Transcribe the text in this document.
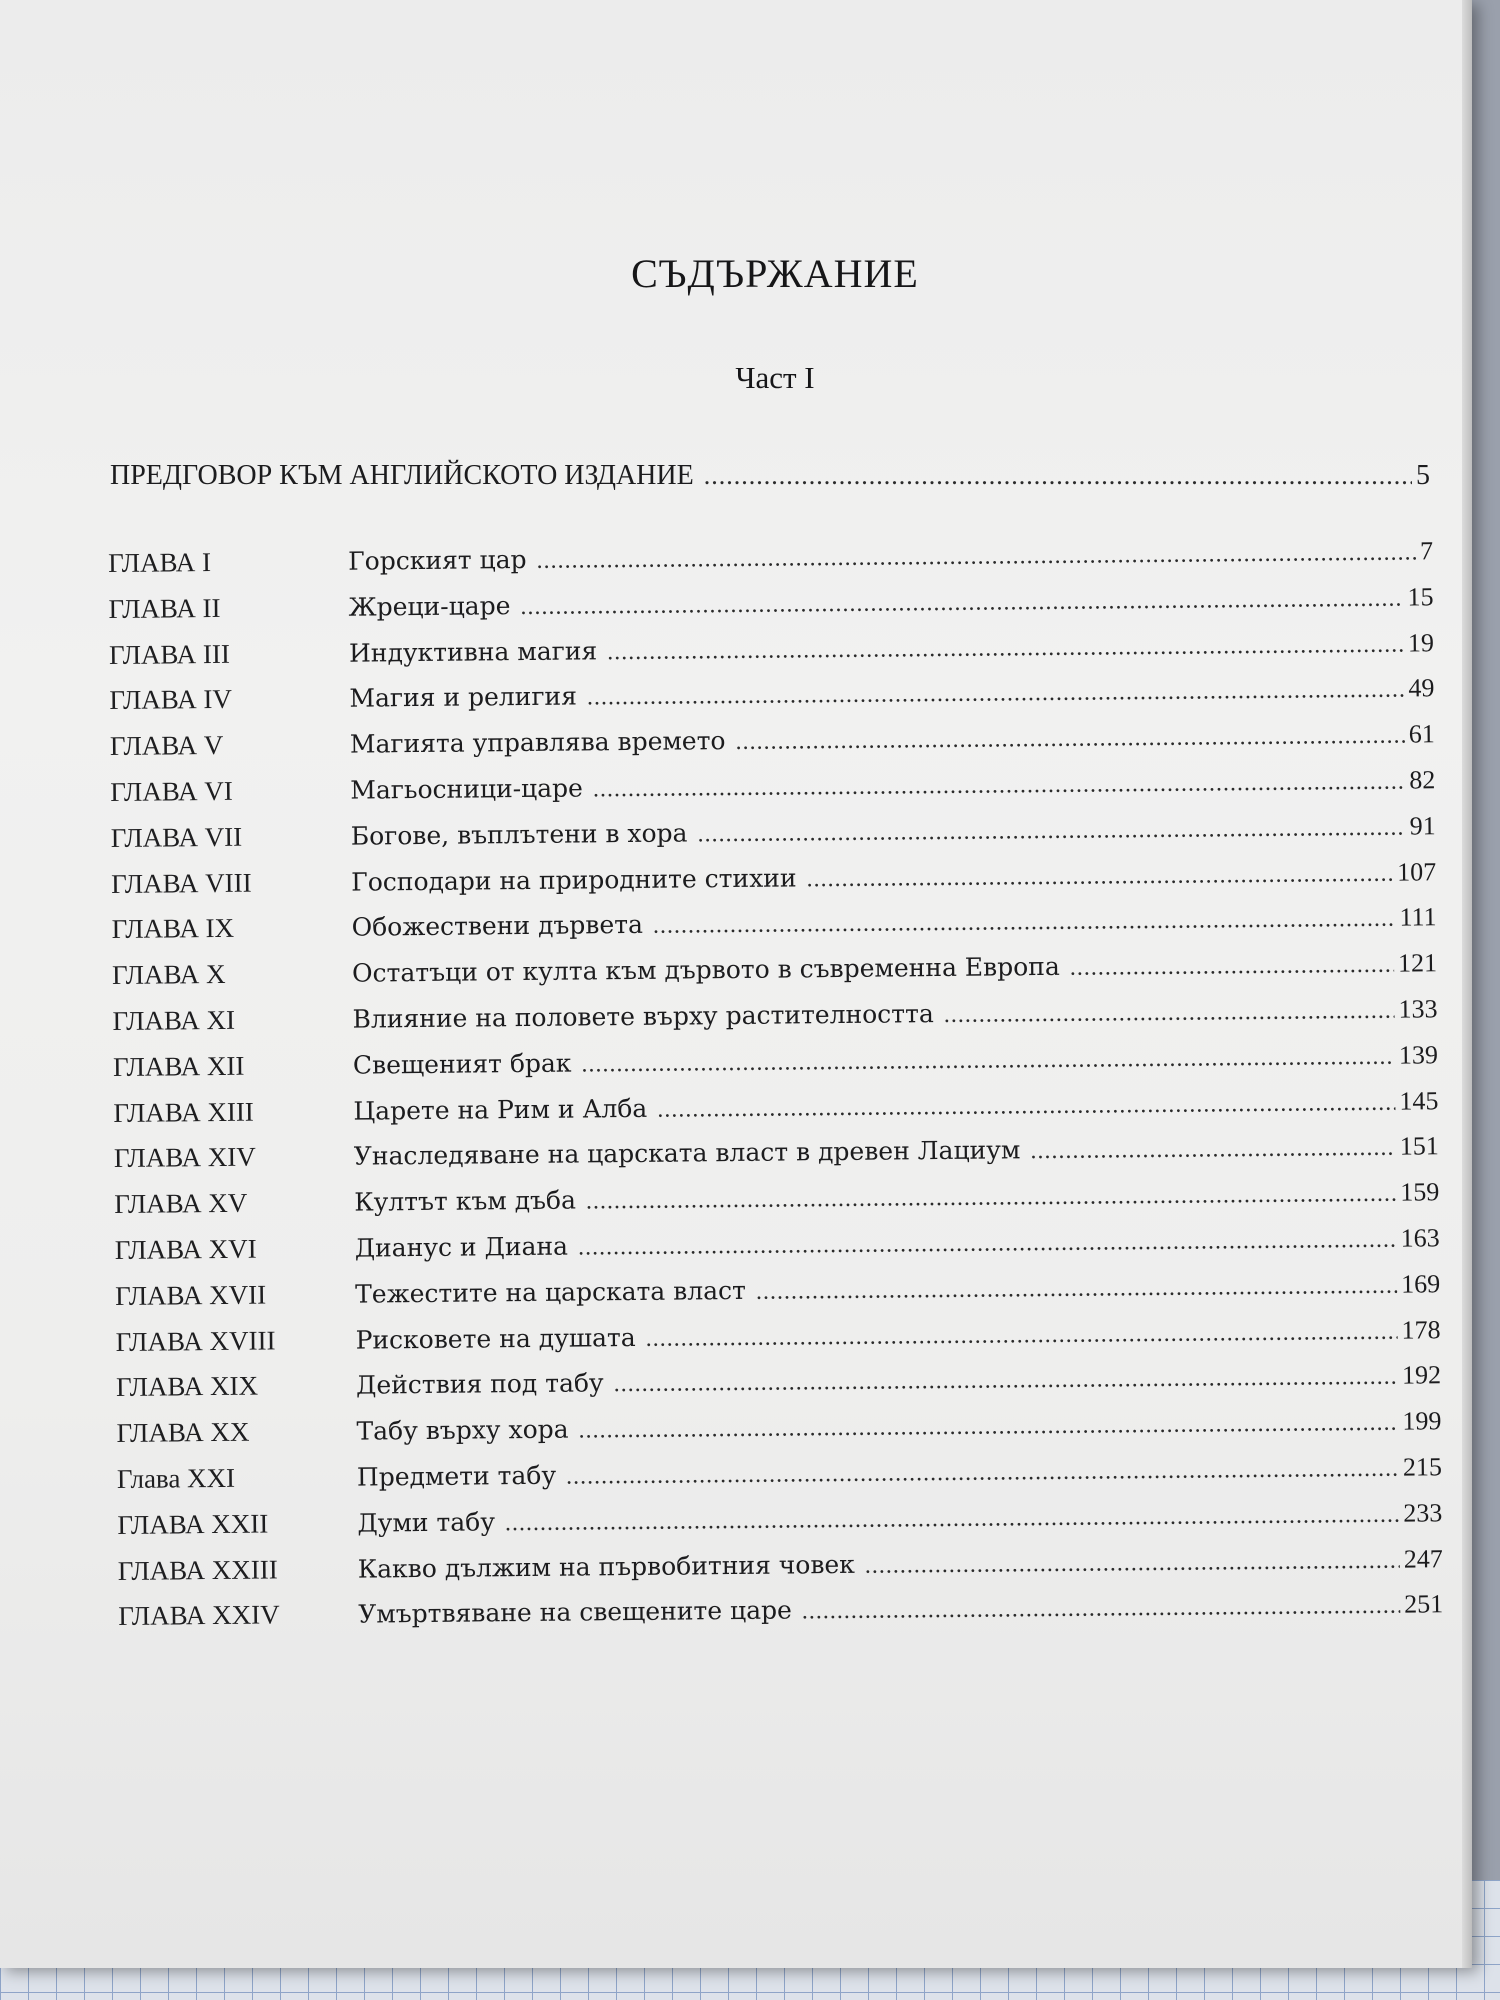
СЪДЪРЖАНИЕ
Част I
ПРЕДГОВОР КЪМ АНГЛИЙСКОТО ИЗДАНИЕ .....	5
ГЛАВА I	Горският цар .....	7
ГЛАВА II	Жреци-царе .....	15
ГЛАВА III	Индуктивна магия .....	19
ГЛАВА IV	Магия и религия .....	49
ГЛАВА V	Магията управлява времето .....	61
ГЛАВА VI	Магьосници-царе .....	82
ГЛАВА VII	Богове, въплътени в хора .....	91
ГЛАВА VIII	Господари на природните стихии .....	107
ГЛАВА IX	Обожествени дървета .....	111
ГЛАВА X	Остатъци от култа към дървото в съвременна Европа .....	121
ГЛАВА XI	Влияние на половете върху растителността .....	133
ГЛАВА XII	Свещеният брак .....	139
ГЛАВА XIII	Царете на Рим и Алба .....	145
ГЛАВА XIV	Унаследяване на царската власт в древен Лациум .....	151
ГЛАВА XV	Култът към дъба .....	159
ГЛАВА XVI	Дианус и Диана .....	163
ГЛАВА XVII	Тежестите на царската власт .....	169
ГЛАВА XVIII	Рисковете на душата .....	178
ГЛАВА XIX	Действия под табу .....	192
ГЛАВА XX	Табу върху хора .....	199
Глава XXI	Предмети табу .....	215
ГЛАВА XXII	Думи табу .....	233
ГЛАВА XXIII	Какво дължим на първобитния човек .....	247
ГЛАВА XXIV	Умъртвяване на свещените царе .....	251
